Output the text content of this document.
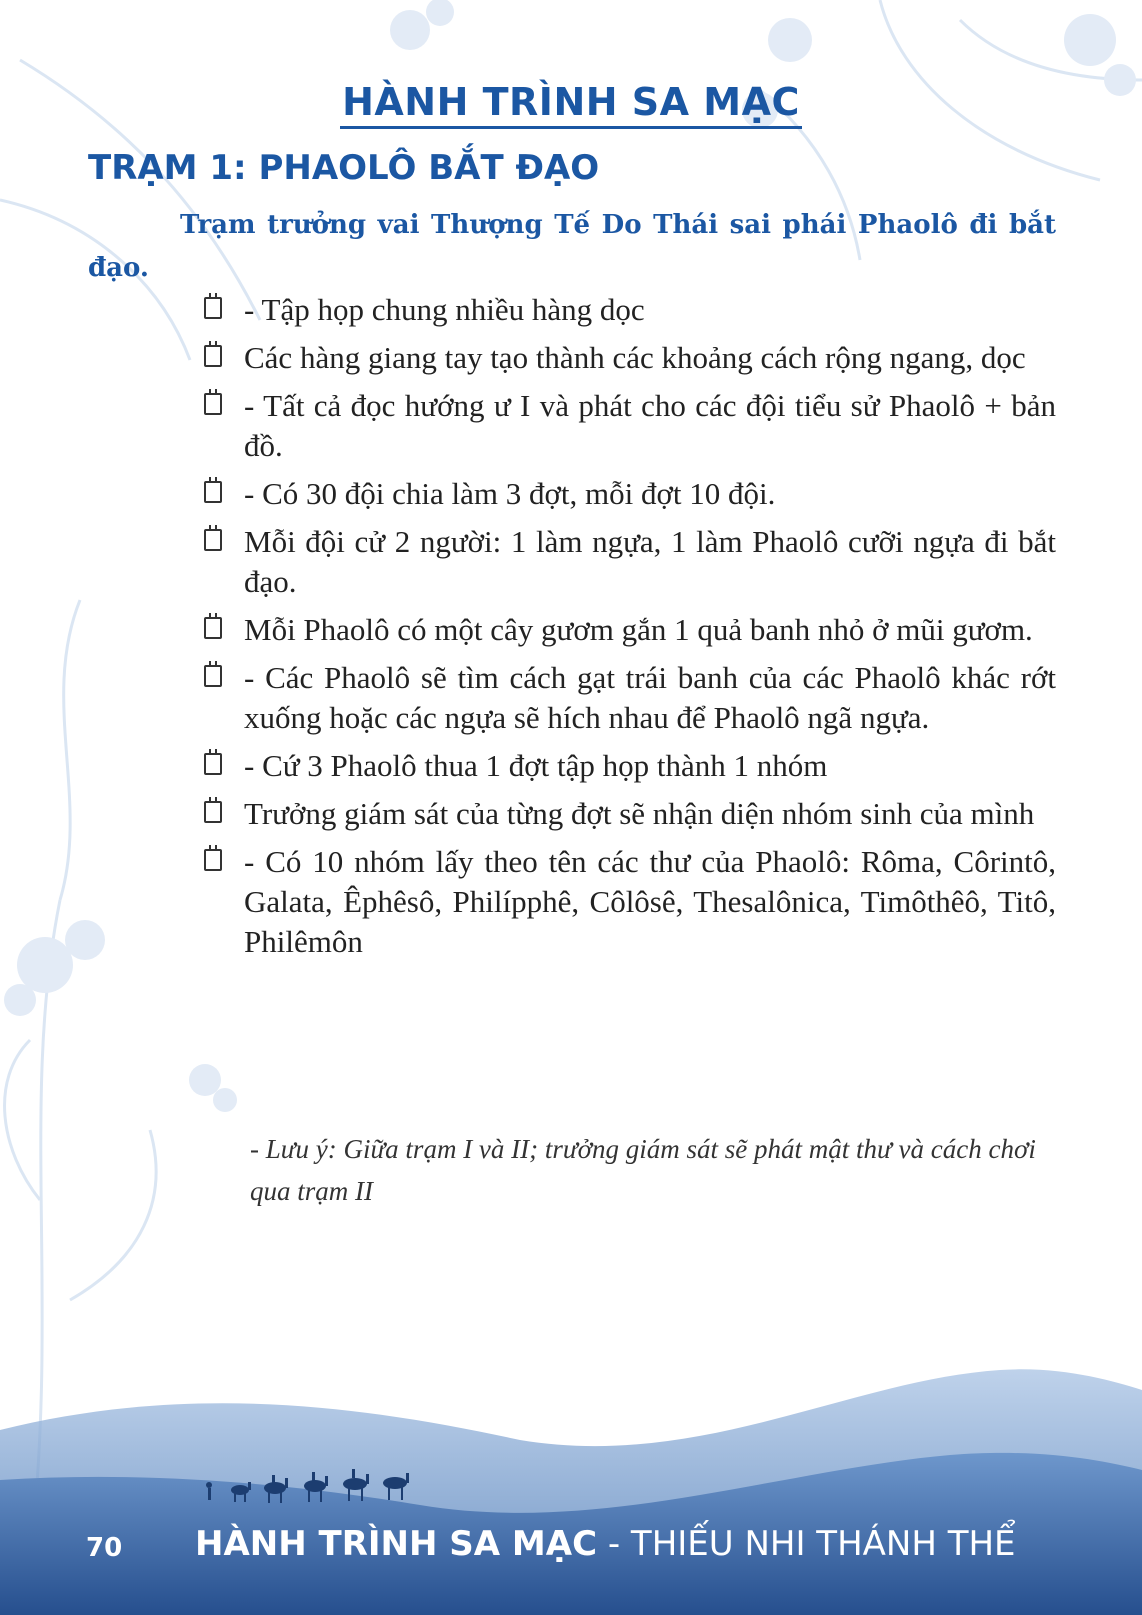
HÀNH TRÌNH SA MẠC
TRẠM 1: PHAOLÔ BẮT ĐẠO
Trạm trưởng vai Thượng Tế Do Thái sai phái Phaolô đi bắt đạo.
- Tập họp chung nhiều hàng dọc
Các hàng giang tay tạo thành các khoảng cách rộng ngang, dọc
- Tất cả đọc hướng ư I và phát cho các đội tiểu sử Phaolô + bản đồ.
- Có 30 đội chia làm 3 đợt, mỗi đợt 10 đội.
Mỗi đội cử 2 người: 1 làm ngựa, 1 làm Phaolô cưỡi ngựa đi bắt đạo.
Mỗi Phaolô có một cây gươm gắn 1 quả banh nhỏ ở mũi gươm.
- Các Phaolô sẽ tìm cách gạt trái banh của các Phaolô khác rớt xuống hoặc các ngựa sẽ hích nhau để Phaolô ngã ngựa.
- Cứ 3 Phaolô thua 1 đợt tập họp thành 1 nhóm
Trưởng giám sát của từng đợt sẽ nhận diện nhóm sinh của mình
- Có 10 nhóm lấy theo tên các thư của Phaolô: Rôma, Côrintô, Galata, Êphêsô, Philípphê, Côlôsê, Thesalônica, Timôthêô, Titô, Philêmôn
- Lưu ý: Giữa trạm I và II; trưởng giám sát sẽ phát mật thư và cách chơi qua trạm II
70 HÀNH TRÌNH SA MẠC - THIẾU NHI THÁNH THỂ
